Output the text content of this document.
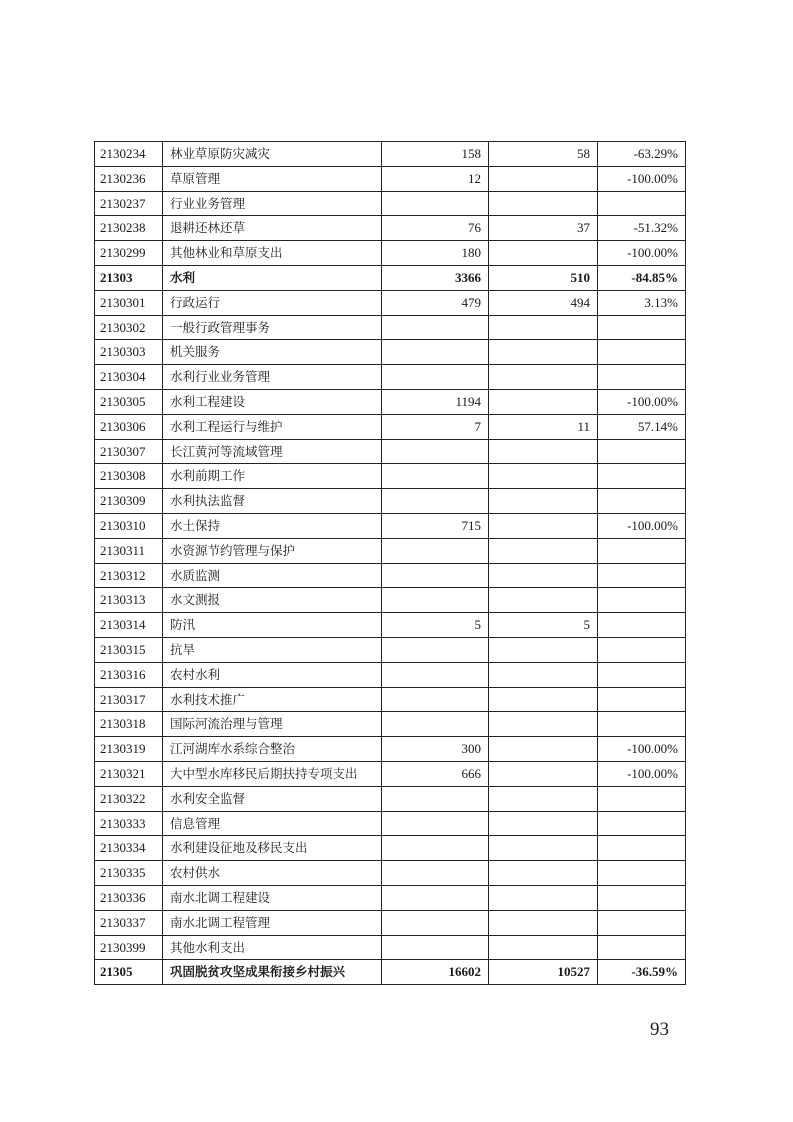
2130234	林业草原防灾减灾	158	58	-63.29%
2130236	草原管理	12		-100.00%
2130237	行业业务管理			
2130238	退耕还林还草	76	37	-51.32%
2130299	其他林业和草原支出	180		-100.00%
21303	水利	3366	510	-84.85%
2130301	行政运行	479	494	3.13%
2130302	一般行政管理事务			
2130303	机关服务			
2130304	水利行业业务管理			
2130305	水利工程建设	1194		-100.00%
2130306	水利工程运行与维护	7	11	57.14%
2130307	长江黄河等流域管理			
2130308	水利前期工作			
2130309	水利执法监督			
2130310	水土保持	715		-100.00%
2130311	水资源节约管理与保护			
2130312	水质监测			
2130313	水文测报			
2130314	防汛	5	5	
2130315	抗旱			
2130316	农村水利			
2130317	水利技术推广			
2130318	国际河流治理与管理			
2130319	江河湖库水系综合整治	300		-100.00%
2130321	大中型水库移民后期扶持专项支出	666		-100.00%
2130322	水利安全监督			
2130333	信息管理			
2130334	水利建设征地及移民支出			
2130335	农村供水			
2130336	南水北调工程建设			
2130337	南水北调工程管理			
2130399	其他水利支出			
21305	巩固脱贫攻坚成果衔接乡村振兴	16602	10527	-36.59%
93
